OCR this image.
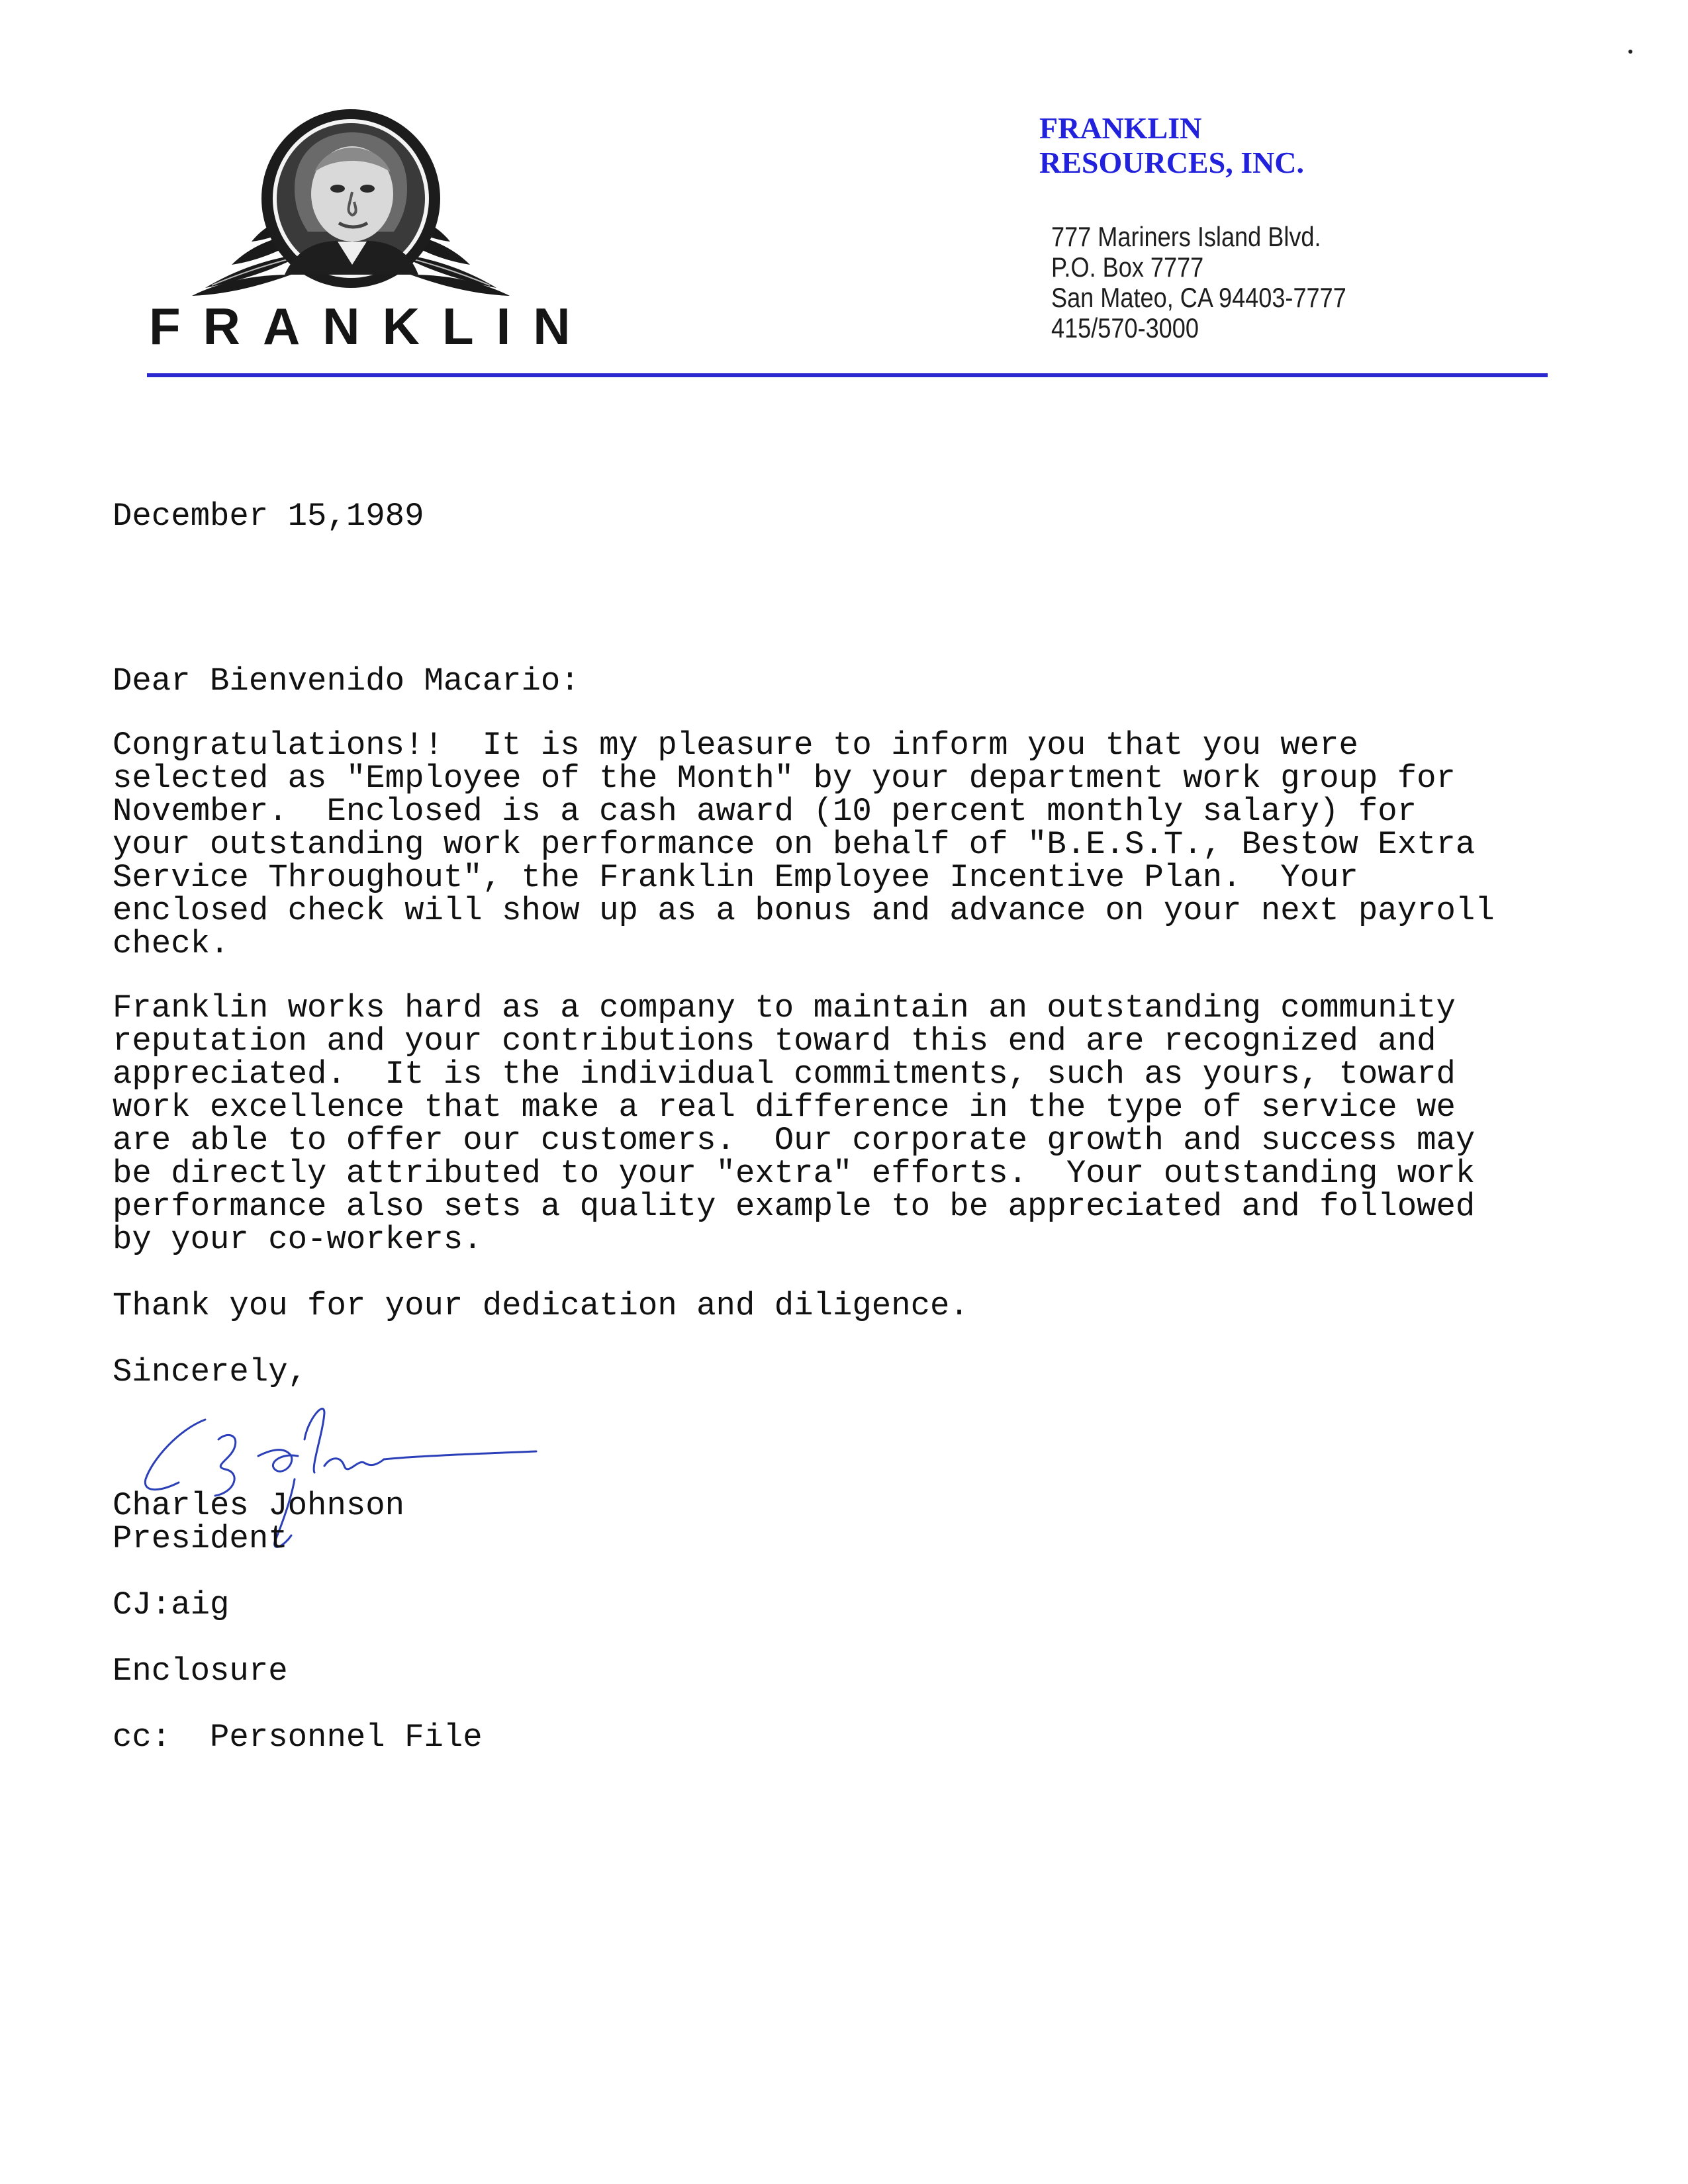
FRANKLIN
FRANKLIN
RESOURCES, INC.
777 Mariners Island Blvd.
P.O. Box 7777
San Mateo, CA 94403-7777
415/570-3000
December 15,1989
Dear Bienvenido Macario:
Congratulations!!  It is my pleasure to inform you that you were
selected as "Employee of the Month" by your department work group for
November.  Enclosed is a cash award (10 percent monthly salary) for
your outstanding work performance on behalf of "B.E.S.T., Bestow Extra
Service Throughout", the Franklin Employee Incentive Plan.  Your
enclosed check will show up as a bonus and advance on your next payroll
check.
Franklin works hard as a company to maintain an outstanding community
reputation and your contributions toward this end are recognized and
appreciated.  It is the individual commitments, such as yours, toward
work excellence that make a real difference in the type of service we
are able to offer our customers.  Our corporate growth and success may
be directly attributed to your "extra" efforts.  Your outstanding work
performance also sets a quality example to be appreciated and followed
by your co-workers.
Thank you for your dedication and diligence.
Sincerely,
Charles Johnson
President
CJ:aig
Enclosure
cc:  Personnel File
